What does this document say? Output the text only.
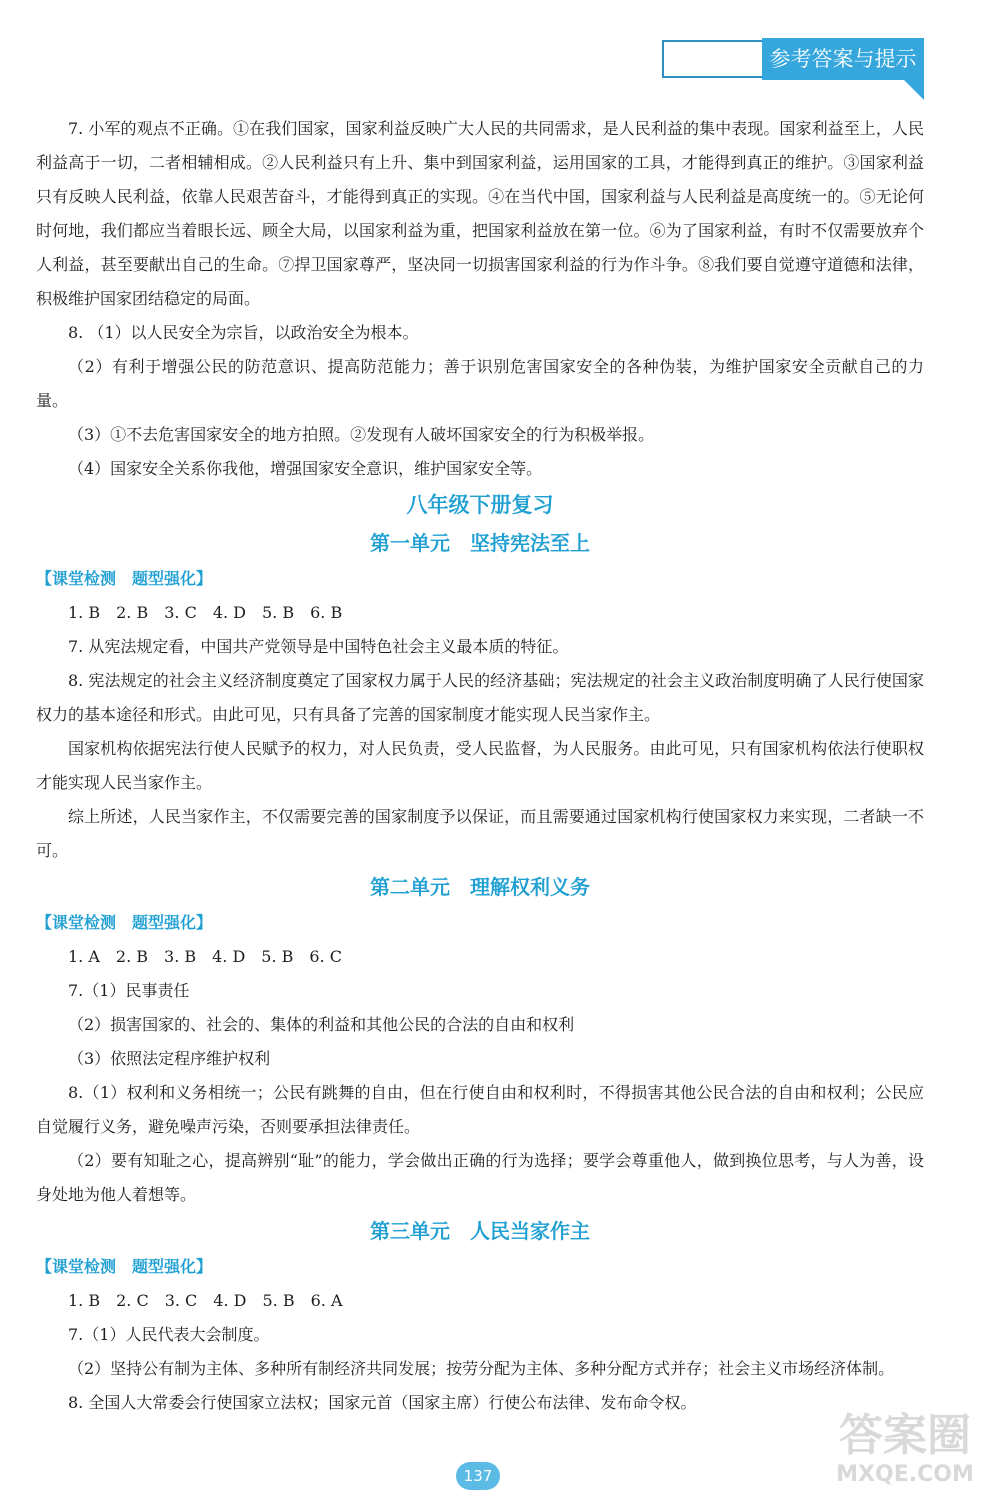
参考答案与提示

7. 小军的观点不正确。①在我们国家，国家利益反映广大人民的共同需求，是人民利益的集中表现。国家利益至上，人民利益高于一切，二者相辅相成。②人民利益只有上升、集中到国家利益，运用国家的工具，才能得到真正的维护。③国家利益只有反映人民利益，依靠人民艰苦奋斗，才能得到真正的实现。④在当代中国，国家利益与人民利益是高度统一的。⑤无论何时何地，我们都应当着眼长远、顾全大局，以国家利益为重，把国家利益放在第一位。⑥为了国家利益，有时不仅需要放弃个人利益，甚至要献出自己的生命。⑦捍卫国家尊严，坚决同一切损害国家利益的行为作斗争。⑧我们要自觉遵守道德和法律，积极维护国家团结稳定的局面。

8. （1）以人民安全为宗旨，以政治安全为根本。

（2）有利于增强公民的防范意识、提高防范能力；善于识别危害国家安全的各种伪装，为维护国家安全贡献自己的力量。

（3）①不去危害国家安全的地方拍照。②发现有人破坏国家安全的行为积极举报。

（4）国家安全关系你我他，增强国家安全意识，维护国家安全等。

八年级下册复习
第一单元　坚持宪法至上
【课堂检测　题型强化】

1. B　2. B　3. C　4. D　5. B　6. B

7. 从宪法规定看，中国共产党领导是中国特色社会主义最本质的特征。

8. 宪法规定的社会主义经济制度奠定了国家权力属于人民的经济基础；宪法规定的社会主义政治制度明确了人民行使国家权力的基本途径和形式。由此可见，只有具备了完善的国家制度才能实现人民当家作主。

国家机构依据宪法行使人民赋予的权力，对人民负责，受人民监督，为人民服务。由此可见，只有国家机构依法行使职权才能实现人民当家作主。

综上所述，人民当家作主，不仅需要完善的国家制度予以保证，而且需要通过国家机构行使国家权力来实现，二者缺一不可。

第二单元　理解权利义务
【课堂检测　题型强化】

1. A　2. B　3. B　4. D　5. B　6. C

7.（1）民事责任

（2）损害国家的、社会的、集体的利益和其他公民的合法的自由和权利

（3）依照法定程序维护权利

8.（1）权利和义务相统一；公民有跳舞的自由，但在行使自由和权利时，不得损害其他公民合法的自由和权利；公民应自觉履行义务，避免噪声污染，否则要承担法律责任。

（2）要有知耻之心，提高辨别“耻”的能力，学会做出正确的行为选择；要学会尊重他人，做到换位思考，与人为善，设身处地为他人着想等。

第三单元　人民当家作主
【课堂检测　题型强化】

1. B　2. C　3. C　4. D　5. B　6. A

7.（1）人民代表大会制度。

（2）坚持公有制为主体、多种所有制经济共同发展；按劳分配为主体、多种分配方式并存；社会主义市场经济体制。

8. 全国人大常委会行使国家立法权；国家元首（国家主席）行使公布法律、发布命令权。

137
答案圈
MXQE.COM
